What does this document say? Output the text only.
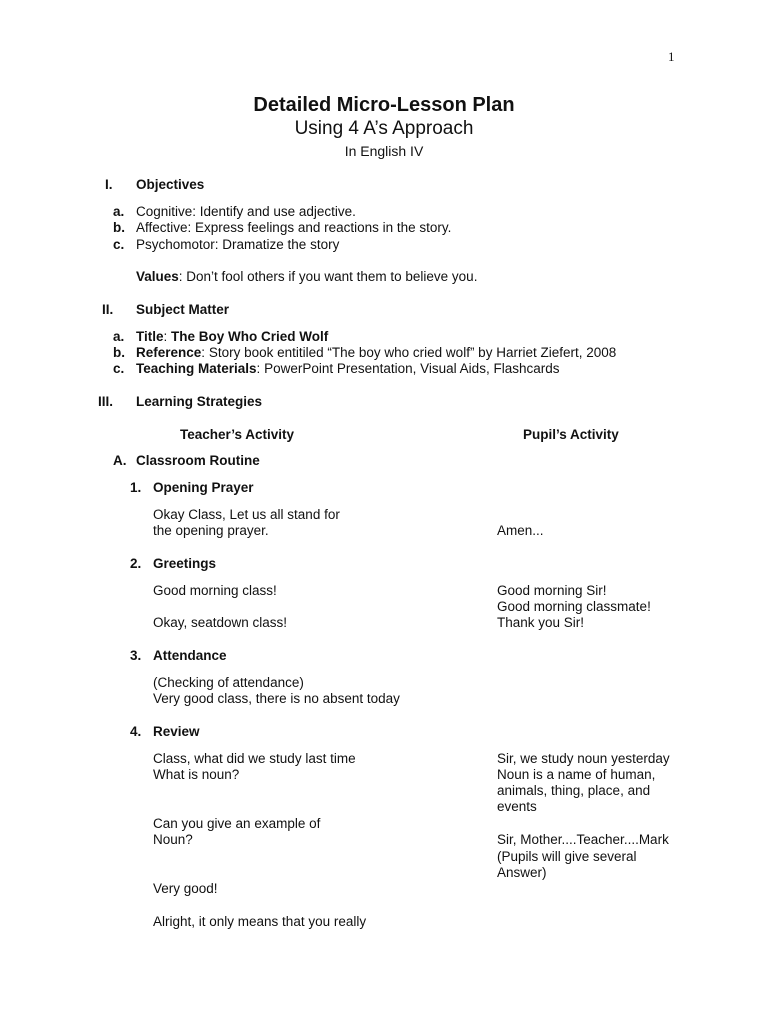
1
Detailed Micro-Lesson Plan
Using 4 A’s Approach
In English IV
I. Objectives
a. Cognitive: Identify and use adjective.
b. Affective: Express feelings and reactions in the story.
c. Psychomotor: Dramatize the story
Values: Don’t fool others if you want them to believe you.
II. Subject Matter
a. Title: The Boy Who Cried Wolf
b. Reference: Story book entitiled “The boy who cried wolf” by Harriet Ziefert, 2008
c. Teaching Materials: PowerPoint Presentation, Visual Aids, Flashcards
III. Learning Strategies
Teacher’s Activity	Pupil’s Activity
A. Classroom Routine
1. Opening Prayer
Okay Class, Let us all stand for
the opening prayer.	Amen...
2. Greetings
Good morning class!	Good morning Sir!
Good morning classmate!
Okay, seatdown class!	Thank you Sir!
3. Attendance
(Checking of attendance)
Very good class, there is no absent today
4. Review
Class, what did we study last time	Sir, we study noun yesterday
What is noun?	Noun is a name of human,
animals, thing, place, and
events
Can you give an example of
Noun?	Sir, Mother....Teacher....Mark
(Pupils will give several
Answer)
Very good!
Alright, it only means that you really
